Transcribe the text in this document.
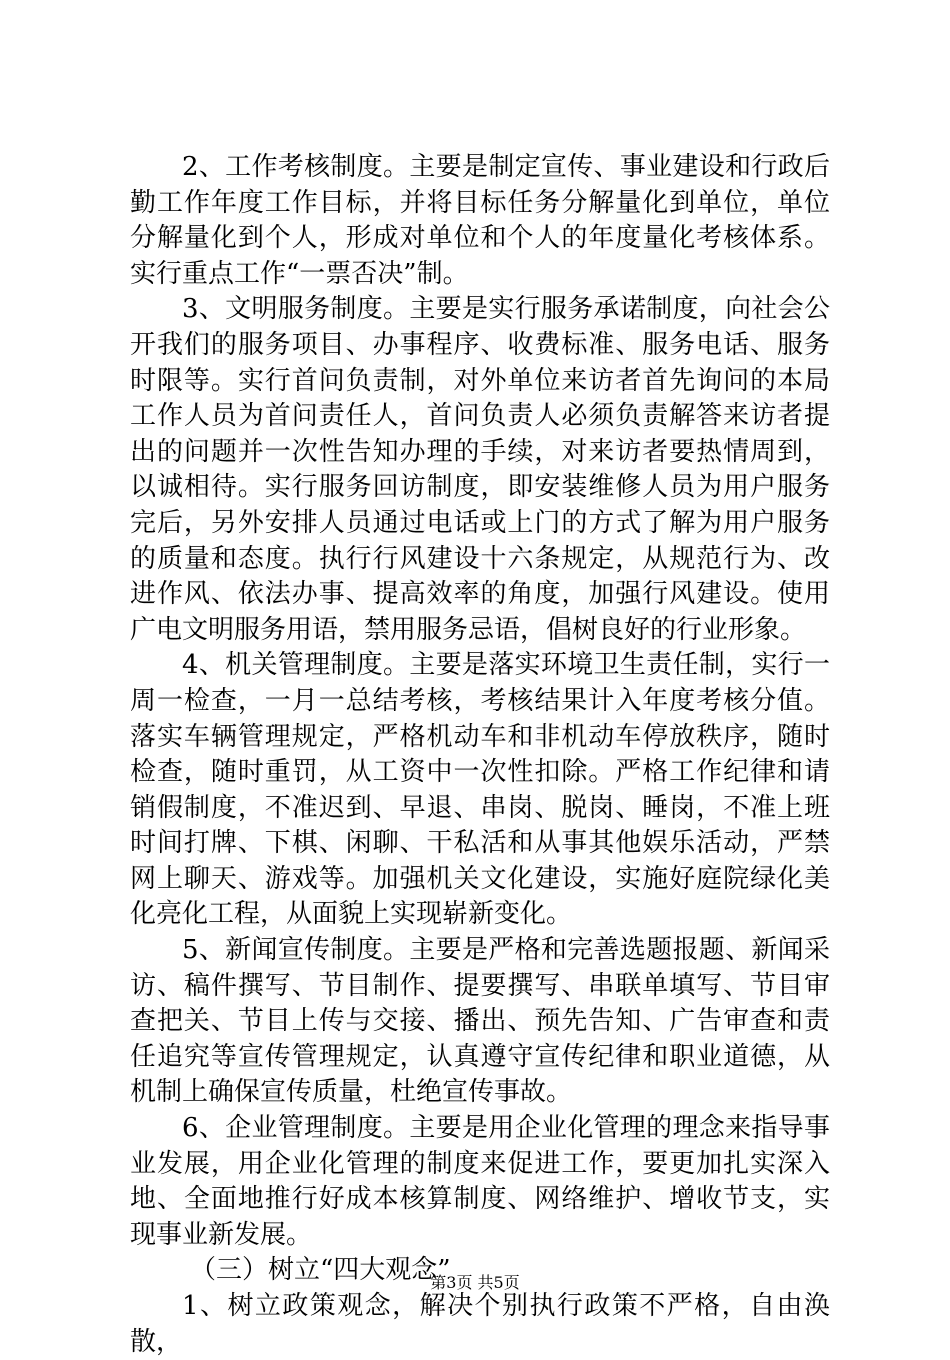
2、工作考核制度。主要是制定宣传、事业建设和行政后勤工作年度工作目标，并将目标任务分解量化到单位，单位分解量化到个人，形成对单位和个人的年度量化考核体系。实行重点工作“一票否决”制。

3、文明服务制度。主要是实行服务承诺制度，向社会公开我们的服务项目、办事程序、收费标准、服务电话、服务时限等。实行首问负责制，对外单位来访者首先询问的本局工作人员为首问责任人，首问负责人必须负责解答来访者提出的问题并一次性告知办理的手续，对来访者要热情周到，以诚相待。实行服务回访制度，即安装维修人员为用户服务完后，另外安排人员通过电话或上门的方式了解为用户服务的质量和态度。执行行风建设十六条规定，从规范行为、改进作风、依法办事、提高效率的角度，加强行风建设。使用广电文明服务用语，禁用服务忌语，倡树良好的行业形象。

4、机关管理制度。主要是落实环境卫生责任制，实行一周一检查，一月一总结考核，考核结果计入年度考核分值。落实车辆管理规定，严格机动车和非机动车停放秩序，随时检查，随时重罚，从工资中一次性扣除。严格工作纪律和请销假制度，不准迟到、早退、串岗、脱岗、睡岗，不准上班时间打牌、下棋、闲聊、干私活和从事其他娱乐活动，严禁网上聊天、游戏等。加强机关文化建设，实施好庭院绿化美化亮化工程，从面貌上实现崭新变化。

5、新闻宣传制度。主要是严格和完善选题报题、新闻采访、稿件撰写、节目制作、提要撰写、串联单填写、节目审查把关、节目上传与交接、播出、预先告知、广告审查和责任追究等宣传管理规定，认真遵守宣传纪律和职业道德，从机制上确保宣传质量，杜绝宣传事故。

6、企业管理制度。主要是用企业化管理的理念来指导事业发展，用企业化管理的制度来促进工作，要更加扎实深入地、全面地推行好成本核算制度、网络维护、增收节支，实现事业新发展。

（三）树立“四大观念”

1、树立政策观念，解决个别执行政策不严格，自由涣散，

第3页 共5页
